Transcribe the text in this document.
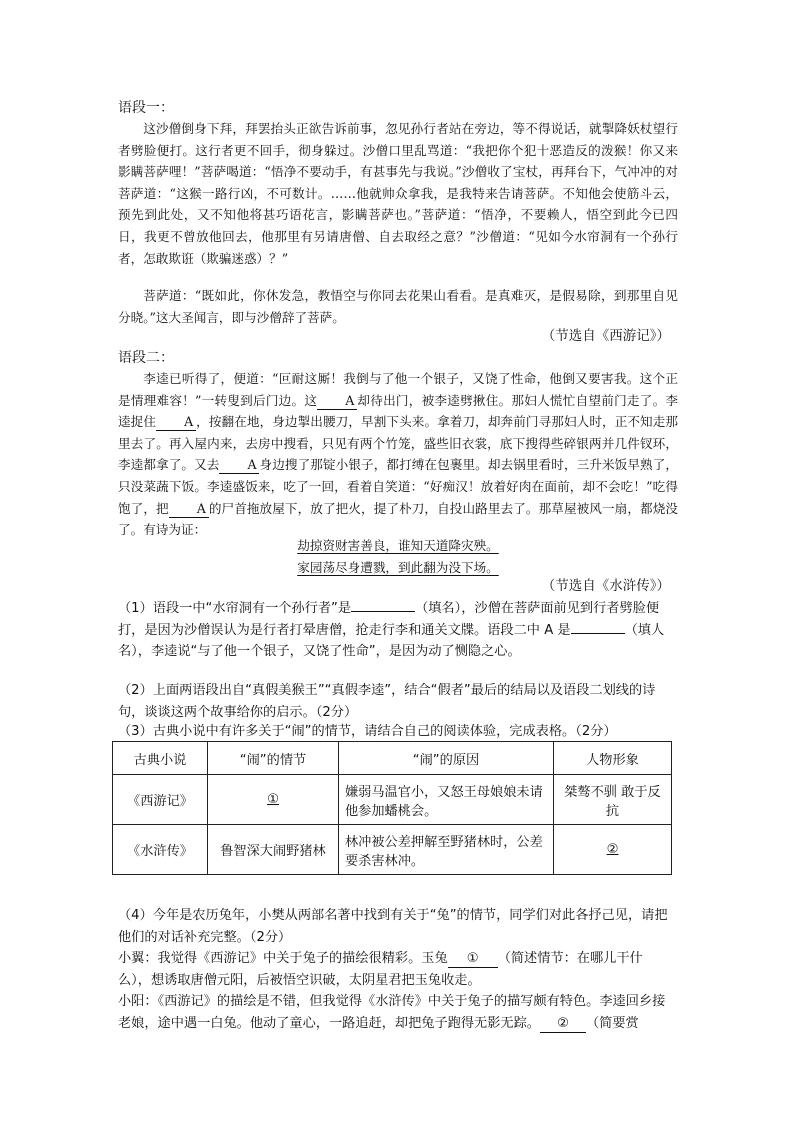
语段一：
这沙僧倒身下拜，拜罢抬头正欲告诉前事，忽见孙行者站在旁边，等不得说话，就掣降妖杖望行者劈脸便打。这行者更不回手，彻身躲过。沙僧口里乱骂道：“我把你个犯十恶造反的泼猴！你又来影瞒菩萨哩！”菩萨喝道：“悟净不要动手，有甚事先与我说。”沙僧收了宝杖，再拜台下，气冲冲的对菩萨道：“这猴一路行凶，不可数计。……他就帅众拿我，是我特来告请菩萨。不知他会使筋斗云，预先到此处，又不知他将甚巧语花言，影瞒菩萨也。”菩萨道：“悟净，不要赖人，悟空到此今已四日，我更不曾放他回去，他那里有另请唐僧、自去取经之意？”沙僧道：“见如今水帘洞有一个孙行者，怎敢欺诳（欺骗迷惑）？”
菩萨道：“既如此，你休发急，教悟空与你同去花果山看看。是真难灭，是假易除，到那里自见分晓。”这大圣闻言，即与沙僧辞了菩萨。
（节选自《西游记》）
语段二：
李逵已听得了，便道：“叵耐这厮！我倒与了他一个银子，又饶了性命，他倒又要害我。这个正是情理难容！”一转叟到后门边。这 A 却待出门，被李逵劈揪住。那妇人慌忙自望前门走了。李逵捉住 A ，按翻在地，身边掣出腰刀，早割下头来。拿着刀，却奔前门寻那妇人时，正不知走那里去了。再入屋内来，去房中搜看，只见有两个竹笼，盛些旧衣裳，底下搜得些碎银两并几件钗环，李逵都拿了。又去 A 身边搜了那锭小银子，都打缚在包裹里。却去锅里看时，三升米饭早熟了，只没菜蔬下饭。李逵盛饭来，吃了一回，看着自笑道：“好痴汉！放着好肉在面前，却不会吃！”吃得饱了，把 A 的尸首拖放屋下，放了把火，提了朴刀，自投山路里去了。那草屋被风一扇，都烧没了。有诗为证：
劫掠资财害善良，谁知天道降灾殃。
家园荡尽身遭戮，到此翻为没下场。
（节选自《水浒传》）
（1）语段一中“水帘洞有一个孙行者”是	（填名），沙僧在菩萨面前见到行者劈脸便打，是因为沙僧误认为是行者打晕唐僧，抢走行李和通关文牒。语段二中 A 是	（填人名），李逵说“与了他一个银子，又饶了性命”，是因为动了恻隐之心。
（2）上面两语段出自“真假美猴王”“真假李逵”，结合“假者”最后的结局以及语段二划线的诗句，谈谈这两个故事给你的启示。（2分）
（3）古典小说中有许多关于“闹”的情节，请结合自己的阅读体验，完成表格。（2分）
古典小说	“闹”的情节	“闹”的原因	人物形象
《西游记》	①	嫌弱马温官小，又怒王母娘娘未请他参加蟠桃会。	桀骜不驯 敢于反抗
《水浒传》	鲁智深大闹野猪林	林冲被公差押解至野猪林时，公差要杀害林冲。	②
（4）今年是农历兔年，小樊从两部名著中找到有关于“兔”的情节，同学们对此各抒己见，请把他们的对话补充完整。（2分）
小翼：我觉得《西游记》中关于兔子的描绘很精彩。玉兔 ① （简述情节：在哪儿干什么），想诱取唐僧元阳，后被悟空识破，太阴星君把玉兔收走。
小阳：《西游记》的描绘是不错，但我觉得《水浒传》中关于兔子的描写颇有特色。李逵回乡接老娘，途中遇一白兔。他动了童心，一路追赶，却把兔子跑得无影无踪。 ② （简要赏
